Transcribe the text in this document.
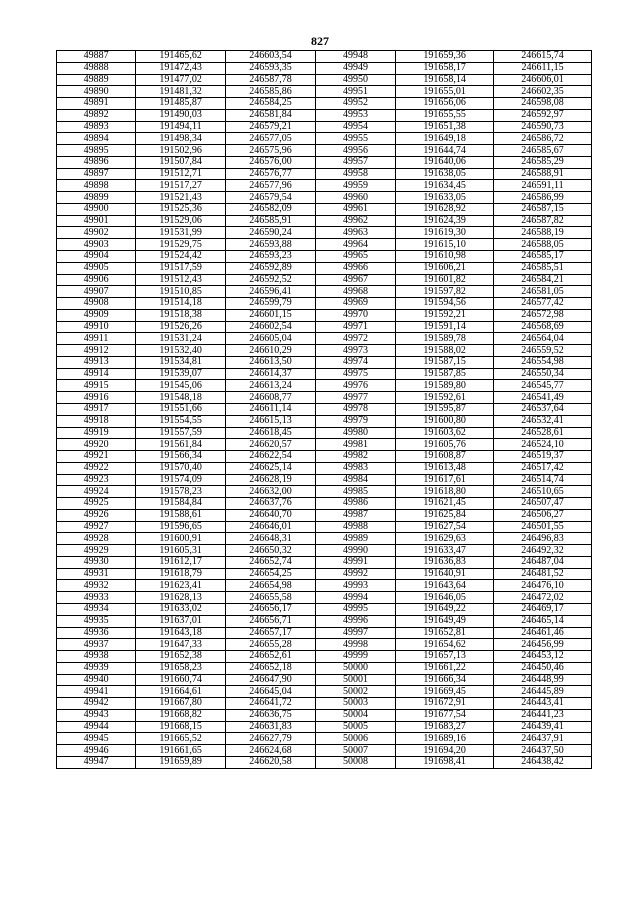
827
49887	191465,62	246603,54	49948	191659,36	246615,74
49888	191472,43	246593,35	49949	191658,17	246611,15
49889	191477,02	246587,78	49950	191658,14	246606,01
49890	191481,32	246585,86	49951	191655,01	246602,35
49891	191485,87	246584,25	49952	191656,06	246598,08
49892	191490,03	246581,84	49953	191655,55	246592,97
49893	191494,11	246579,21	49954	191651,38	246590,73
49894	191498,34	246577,05	49955	191649,18	246586,72
49895	191502,96	246575,96	49956	191644,74	246585,67
49896	191507,84	246576,00	49957	191640,06	246585,29
49897	191512,71	246576,77	49958	191638,05	246588,91
49898	191517,27	246577,96	49959	191634,45	246591,11
49899	191521,43	246579,54	49960	191633,05	246586,99
49900	191525,36	246582,09	49961	191628,92	246587,15
49901	191529,06	246585,91	49962	191624,39	246587,82
49902	191531,99	246590,24	49963	191619,30	246588,19
49903	191529,75	246593,88	49964	191615,10	246588,05
49904	191524,42	246593,23	49965	191610,98	246585,17
49905	191517,59	246592,89	49966	191606,21	246585,51
49906	191512,43	246592,52	49967	191601,82	246584,21
49907	191510,85	246596,41	49968	191597,82	246581,05
49908	191514,18	246599,79	49969	191594,56	246577,42
49909	191518,38	246601,15	49970	191592,21	246572,98
49910	191526,26	246602,54	49971	191591,14	246568,69
49911	191531,24	246605,04	49972	191589,78	246564,04
49912	191532,40	246610,29	49973	191588,02	246559,52
49913	191534,81	246613,50	49974	191587,15	246554,98
49914	191539,07	246614,37	49975	191587,85	246550,34
49915	191545,06	246613,24	49976	191589,80	246545,77
49916	191548,18	246608,77	49977	191592,61	246541,49
49917	191551,66	246611,14	49978	191595,87	246537,64
49918	191554,55	246615,13	49979	191600,80	246532,41
49919	191557,59	246618,45	49980	191603,62	246528,61
49920	191561,84	246620,57	49981	191605,76	246524,10
49921	191566,34	246622,54	49982	191608,87	246519,37
49922	191570,40	246625,14	49983	191613,48	246517,42
49923	191574,09	246628,19	49984	191617,61	246514,74
49924	191578,23	246632,00	49985	191618,80	246510,65
49925	191584,84	246637,76	49986	191621,45	246507,47
49926	191588,61	246640,70	49987	191625,84	246506,27
49927	191596,65	246646,01	49988	191627,54	246501,55
49928	191600,91	246648,31	49989	191629,63	246496,83
49929	191605,31	246650,32	49990	191633,47	246492,32
49930	191612,17	246652,74	49991	191636,83	246487,04
49931	191618,79	246654,25	49992	191640,91	246481,52
49932	191623,41	246654,98	49993	191643,64	246476,10
49933	191628,13	246655,58	49994	191646,05	246472,02
49934	191633,02	246656,17	49995	191649,22	246469,17
49935	191637,01	246656,71	49996	191649,49	246465,14
49936	191643,18	246657,17	49997	191652,81	246461,46
49937	191647,33	246655,28	49998	191654,62	246456,99
49938	191652,38	246652,61	49999	191657,13	246453,12
49939	191658,23	246652,18	50000	191661,22	246450,46
49940	191660,74	246647,90	50001	191666,34	246448,99
49941	191664,61	246645,04	50002	191669,45	246445,89
49942	191667,80	246641,72	50003	191672,91	246443,41
49943	191668,82	246636,75	50004	191677,54	246441,23
49944	191668,15	246631,83	50005	191683,27	246439,41
49945	191665,52	246627,79	50006	191689,16	246437,91
49946	191661,65	246624,68	50007	191694,20	246437,50
49947	191659,89	246620,58	50008	191698,41	246438,42
